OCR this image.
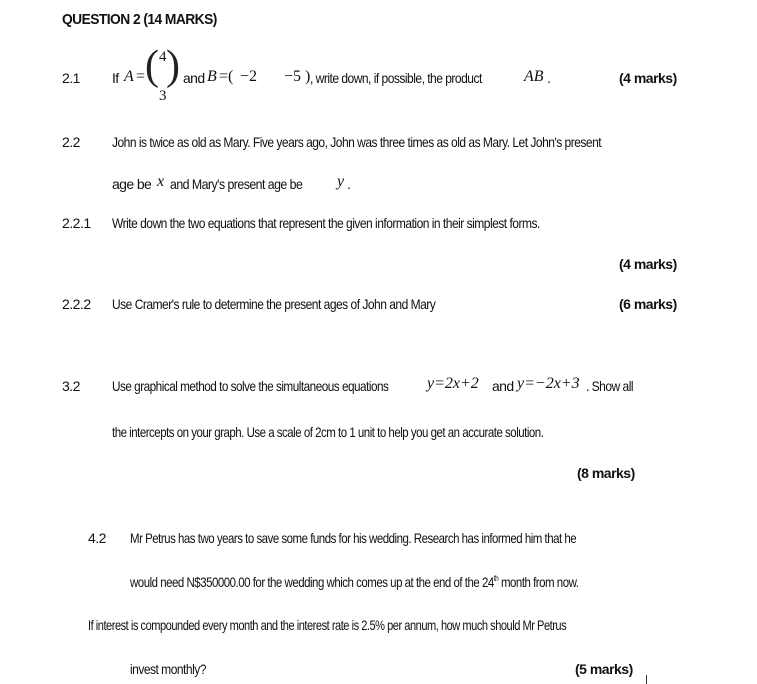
QUESTION 2 (14 MARKS)
2.1 If A = ( 4
3
) and B =( −2 −5 ) , write down, if possible, the product	AB .	(4 marks)
2.2 John is twice as old as Mary. Five years ago, John was three times as old as Mary. Let John's present
age be x and Mary's present age be y .
2.2.1 Write down the two equations that represent the given information in their simplest forms.
(4 marks)
2.2.2 Use Cramer's rule to determine the present ages of John and Mary	(6 marks)
3.2 Use graphical method to solve the simultaneous equations y=2x+2 and y=−2x+3 . Show all
the intercepts on your graph. Use a scale of 2cm to 1 unit to help you get an accurate solution.
(8 marks)
4.2 Mr Petrus has two years to save some funds for his wedding. Research has informed him that he
would need N$350000.00 for the wedding which comes up at the end of the 24th month from now.
If interest is compounded every month and the interest rate is 2.5% per annum, how much should Mr Petrus
invest monthly?	(5 marks)
